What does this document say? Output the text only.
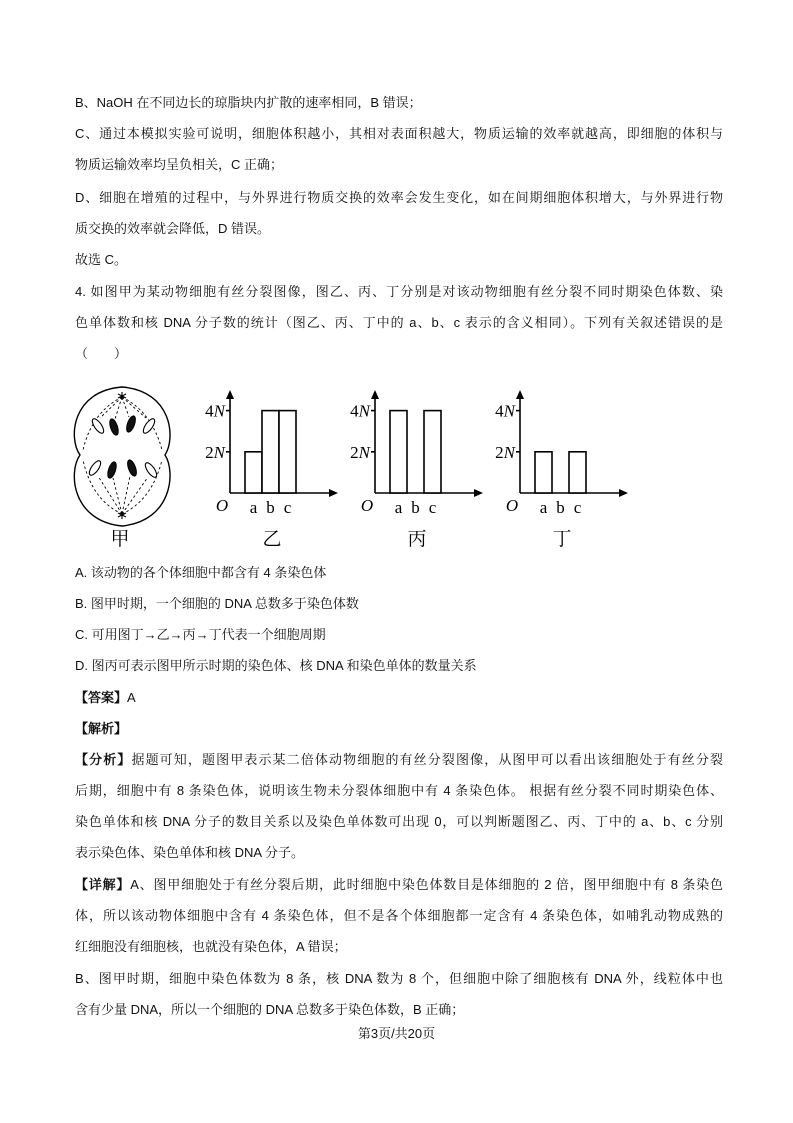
B、NaOH 在不同边长的琼脂块内扩散的速率相同，B 错误；
C、通过本模拟实验可说明，细胞体积越小，其相对表面积越大，物质运输的效率就越高，即细胞的体积与
物质运输效率均呈负相关，C 正确；
D、细胞在增殖的过程中，与外界进行物质交换的效率会发生变化，如在间期细胞体积增大，与外界进行物
质交换的效率就会降低，D 错误。
故选 C。
4. 如图甲为某动物细胞有丝分裂图像，图乙、丙、丁分别是对该动物细胞有丝分裂不同时期染色体数、染
色单体数和核 DNA 分子数的统计（图乙、丙、丁中的 a、b、c 表示的含义相同）。下列有关叙述错误的是
（　　）
甲
2N
4N
a b c
O
乙
2N
4N
a b c
O
丙
2N
4N
a b c
O
丁
A. 该动物的各个体细胞中都含有 4 条染色体
B. 图甲时期，一个细胞的 DNA 总数多于染色体数
C. 可用图丁→乙→丙→丁代表一个细胞周期
D. 图丙可表示图甲所示时期的染色体、核 DNA 和染色单体的数量关系
【答案】A
【解析】
【分析】据题可知，题图甲表示某二倍体动物细胞的有丝分裂图像，从图甲可以看出该细胞处于有丝分裂
后期，细胞中有 8 条染色体，说明该生物未分裂体细胞中有 4 条染色体。 根据有丝分裂不同时期染色体、
染色单体和核 DNA 分子的数目关系以及染色单体数可出现 0，可以判断题图乙、丙、丁中的 a、b、c 分别
表示染色体、染色单体和核 DNA 分子。
【详解】A、图甲细胞处于有丝分裂后期，此时细胞中染色体数目是体细胞的 2 倍，图甲细胞中有 8 条染色
体，所以该动物体细胞中含有 4 条染色体，但不是各个体细胞都一定含有 4 条染色体，如哺乳动物成熟的
红细胞没有细胞核，也就没有染色体，A 错误；
B、图甲时期，细胞中染色体数为 8 条，核 DNA 数为 8 个，但细胞中除了细胞核有 DNA 外，线粒体中也
含有少量 DNA，所以一个细胞的 DNA 总数多于染色体数，B 正确；
第3页/共20页
